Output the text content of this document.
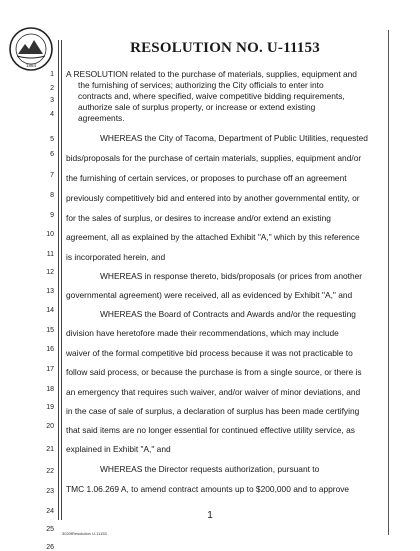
1884
RESOLUTION NO. U-11153
1
2
3
4
5
6
7
8
9
10
11
12
13
14
15
16
17
18
19
20
21
22
23
24
25
26
A RESOLUTION related to the purchase of materials, supplies, equipment and
the furnishing of services; authorizing the City officials to enter into
contracts and, where specified, waive competitive bidding requirements,
authorize sale of surplus property, or increase or extend existing
agreements.
WHEREAS the City of Tacoma, Department of Public Utilities, requested
bids/proposals for the purchase of certain materials, supplies, equipment and/or
the furnishing of certain services, or proposes to purchase off an agreement
previously competitively bid and entered into by another governmental entity, or
for the sales of surplus, or desires to increase and/or extend an existing
agreement, all as explained by the attached Exhibit "A," which by this reference
is incorporated herein, and
WHEREAS in response thereto, bids/proposals (or prices from another
governmental agreement) were received, all as evidenced by Exhibit "A," and
WHEREAS the Board of Contracts and Awards and/or the requesting
division have heretofore made their recommendations, which may include
waiver of the formal competitive bid process because it was not practicable to
follow said process, or because the purchase is from a single source, or there is
an emergency that requires such waiver, and/or waiver of minor deviations, and
in the case of sale of surplus, a declaration of surplus has been made certifying
that said items are no longer essential for continued effective utility service, as
explained in Exhibit "A," and
WHEREAS the Director requests authorization, pursuant to
TMC 1.06.269 A, to amend contract amounts up to $200,000 and to approve
1
3020fResolution U-11153
